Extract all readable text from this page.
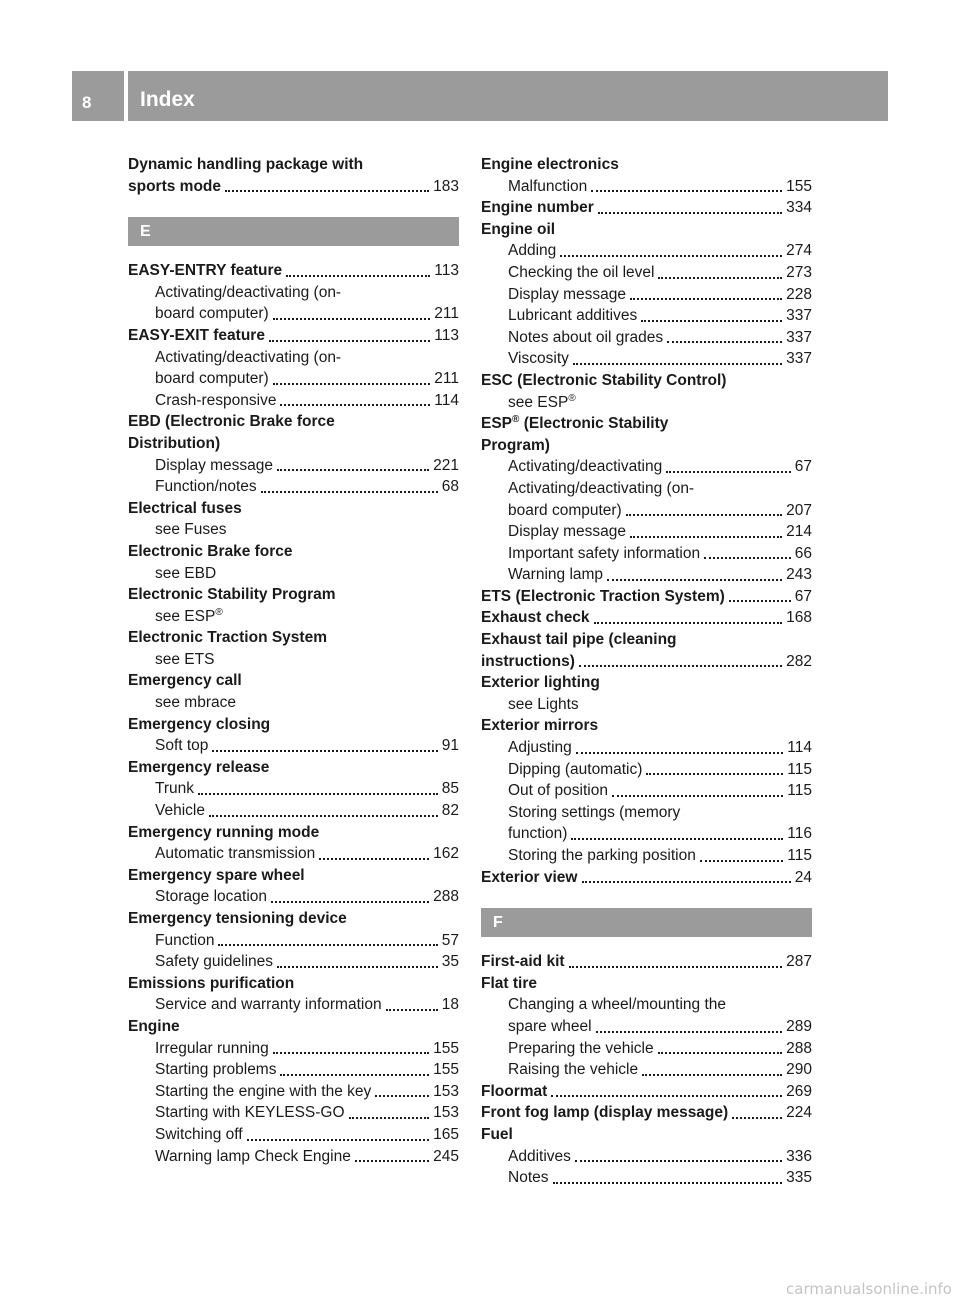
8 Index
Dynamic handling package with
sports mode	183
E
EASY-ENTRY feature	113
Activating/deactivating (on-
board computer)	211
EASY-EXIT feature	113
Activating/deactivating (on-
board computer)	211
Crash-responsive	114
EBD (Electronic Brake force
Distribution)
Display message	221
Function/notes	68
Electrical fuses
see Fuses
Electronic Brake force
see EBD
Electronic Stability Program
see ESP®
Electronic Traction System
see ETS
Emergency call
see mbrace
Emergency closing
Soft top	91
Emergency release
Trunk	85
Vehicle	82
Emergency running mode
Automatic transmission	162
Emergency spare wheel
Storage location	288
Emergency tensioning device
Function	57
Safety guidelines	35
Emissions purification
Service and warranty information	18
Engine
Irregular running	155
Starting problems	155
Starting the engine with the key	153
Starting with KEYLESS-GO	153
Switching off	165
Warning lamp Check Engine	245
Engine electronics
Malfunction	155
Engine number	334
Engine oil
Adding	274
Checking the oil level	273
Display message	228
Lubricant additives	337
Notes about oil grades	337
Viscosity	337
ESC (Electronic Stability Control)
see ESP®
ESP® (Electronic Stability
Program)
Activating/deactivating	67
Activating/deactivating (on-
board computer)	207
Display message	214
Important safety information	66
Warning lamp	243
ETS (Electronic Traction System)	67
Exhaust check	168
Exhaust tail pipe (cleaning
instructions)	282
Exterior lighting
see Lights
Exterior mirrors
Adjusting	114
Dipping (automatic)	115
Out of position	115
Storing settings (memory
function)	116
Storing the parking position	115
Exterior view	24
F
First-aid kit	287
Flat tire
Changing a wheel/mounting the
spare wheel	289
Preparing the vehicle	288
Raising the vehicle	290
Floormat	269
Front fog lamp (display message)	224
Fuel
Additives	336
Notes	335
carmanualsonline.info
